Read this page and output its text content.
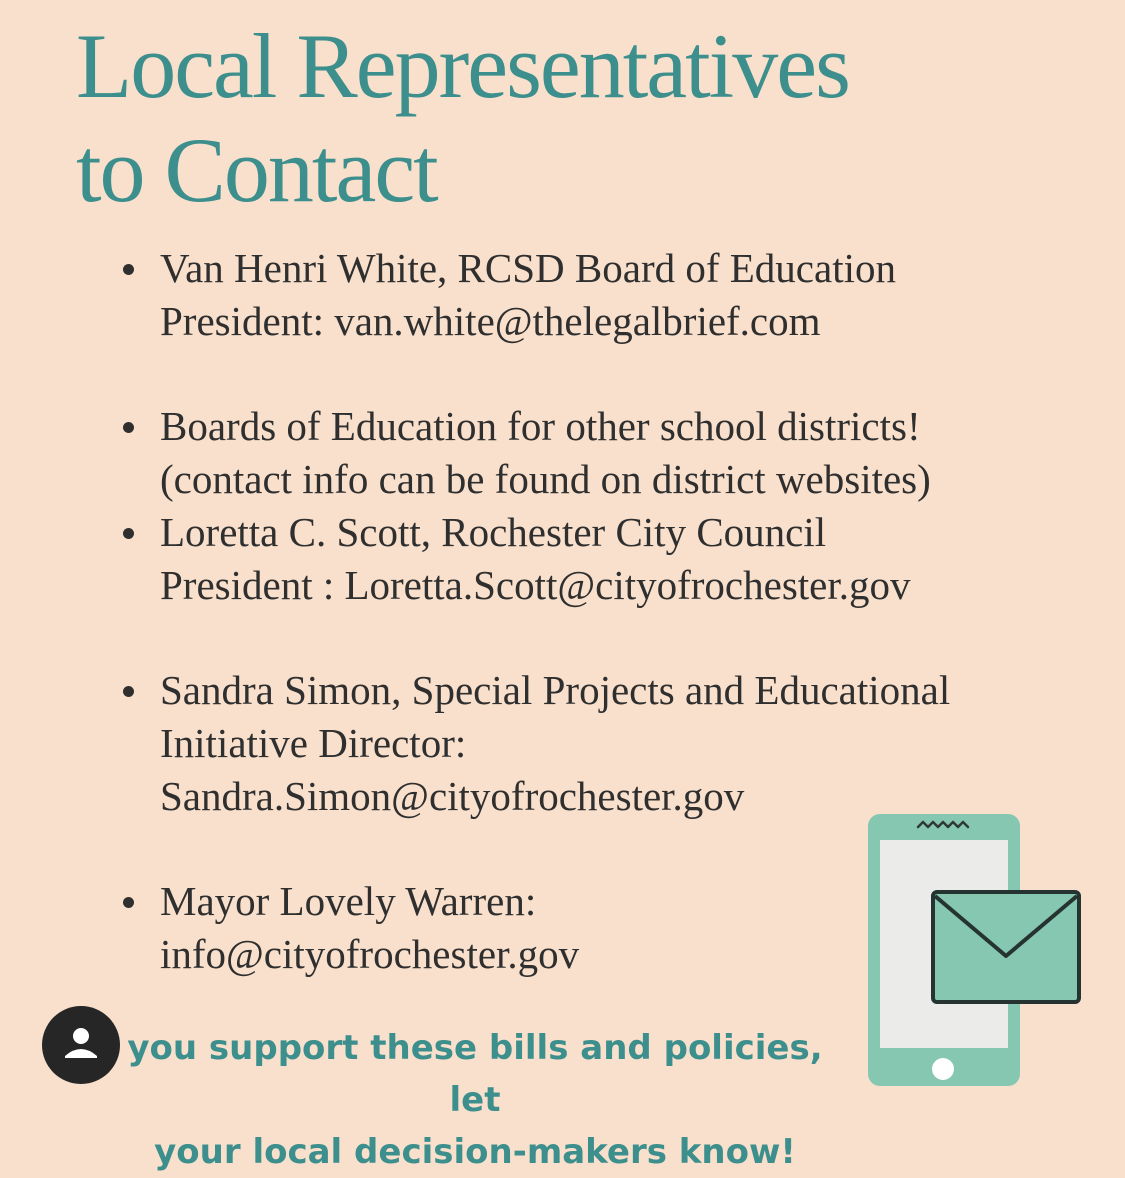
Local Representatives
to Contact
Van Henri White, RCSD Board of Education
President: van.white@thelegalbrief.com
Boards of Education for other school districts!
(contact info can be found on district websites)
Loretta C. Scott, Rochester City Council
President : Loretta.Scott@cityofrochester.gov
Sandra Simon, Special Projects and Educational
Initiative Director:
Sandra.Simon@cityofrochester.gov
Mayor Lovely Warren:
info@cityofrochester.gov

you support these bills and policies, let
your local decision-makers know!
